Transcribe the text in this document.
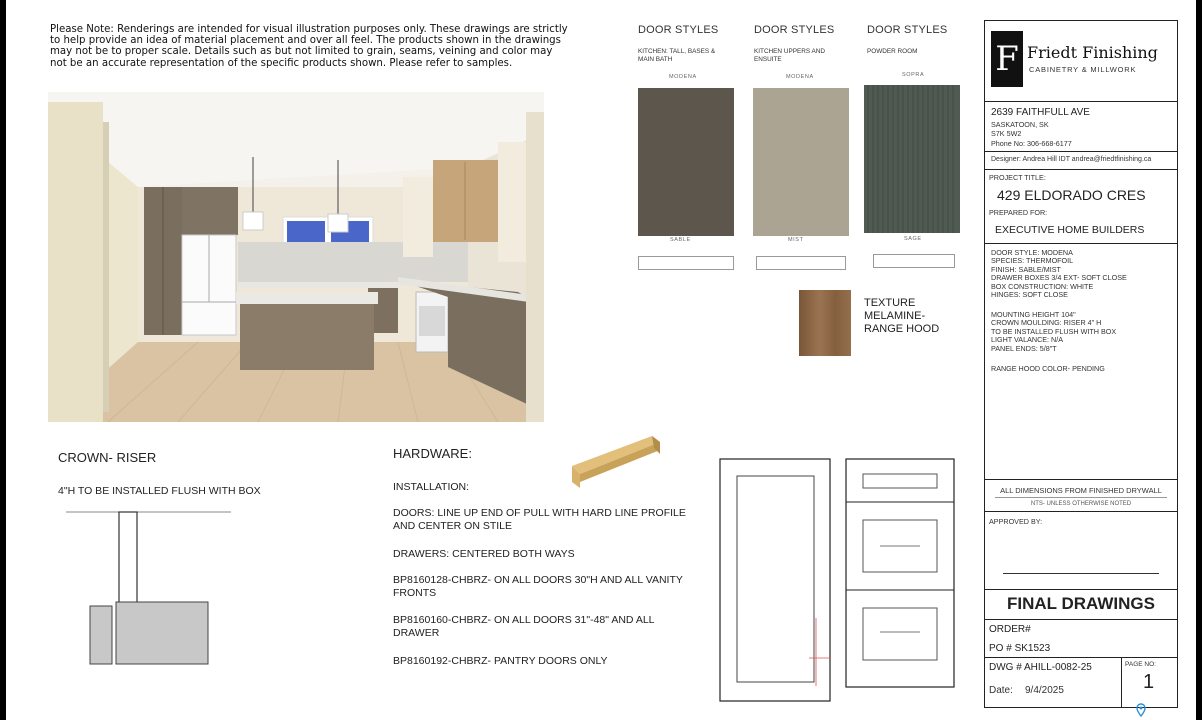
Please Note: Renderings are intended for visual illustration purposes only. These drawings are strictly to help provide an idea of material placement and over all feel. The products shown in the drawings may not be to proper scale. Details such as but not limited to grain, seams, veining and color may not be an accurate representation of the specific products shown. Please refer to samples.
DOOR STYLES
KITCHEN: TALL, BASES & MAIN BATH
MODENA
SABLE
DOOR STYLES
KITCHEN UPPERS AND ENSUITE
MODENA
MIST
DOOR STYLES
POWDER ROOM
SOPRA
SAGE
TEXTURE
MELAMINE-
RANGE HOOD
CROWN- RISER
4"H TO BE INSTALLED FLUSH WITH BOX
HARDWARE:
INSTALLATION:
DOORS: LINE UP END OF PULL WITH HARD LINE PROFILE
AND CENTER ON STILE
DRAWERS: CENTERED BOTH WAYS
BP8160128-CHBRZ- ON ALL DOORS 30"H AND ALL VANITY
FRONTS
BP8160160-CHBRZ- ON ALL DOORS 31"-48" AND ALL
DRAWER
BP8160192-CHBRZ- PANTRY DOORS ONLY
F Friedt Finishing
CABINETRY & MILLWORK
2639 FAITHFULL AVE
SASKATOON, SK
S7K 5W2
Phone No: 306-668-6177
Designer: Andrea Hill IDT andrea@friedtfinishing.ca
PROJECT TITLE:
429 ELDORADO CRES
PREPARED FOR:
EXECUTIVE HOME BUILDERS
DOOR STYLE: MODENA
SPECIES: THERMOFOIL
FINISH: SABLE/MIST
DRAWER BOXES 3/4 EXT- SOFT CLOSE
BOX CONSTRUCTION: WHITE
HINGES: SOFT CLOSE
MOUNTING HEIGHT 104"
CROWN MOULDING: RISER 4" H
TO BE INSTALLED FLUSH WITH BOX
LIGHT VALANCE: N/A
PANEL ENDS: 5/8"T
RANGE HOOD COLOR- PENDING
ALL DIMENSIONS FROM FINISHED DRYWALL
NTS- UNLESS OTHERWISE NOTED
APPROVED BY:
FINAL DRAWINGS
ORDER#
PO # SK1523
DWG # AHILL-0082-25	PAGE NO:
1
Date: 9/4/2025
